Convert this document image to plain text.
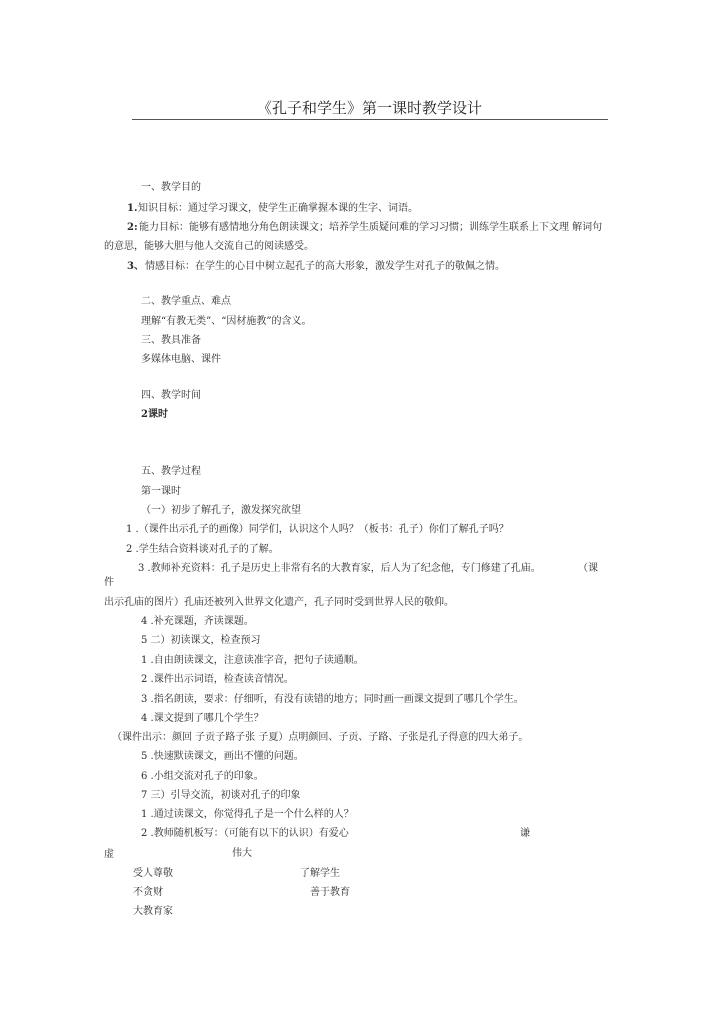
《孔子和学生》第一课时教学设计
一、教学目的
1. 知识目标：通过学习课文，使学生正确掌握本课的生字、词语。
2: 能力目标：能够有感情地分角色朗读课文；培养学生质疑问难的学习习惯；训练学生联系上下文理 解词句
的意思，能够大胆与他人交流自己的阅读感受。
3、 情感目标：在学生的心目中树立起孔子的高大形象，激发学生对孔子的敬佩之情。
二、教学重点、难点
理解“有教无类”、“因材施教”的含义。
三、教具准备
多媒体电脑、课件
四、教学时间
2课时
五、教学过程
第一课时
（一）初步了解孔子，激发探究欲望
1 .（课件出示孔子的画像）同学们，认识这个人吗？（板书：孔子）你们了解孔子吗？
2 .学生结合资料谈对孔子的了解。
3 .教师补充资料：孔子是历史上非常有名的大教育家，后人为了纪念他，专门修建了孔庙。	（课
件
出示孔庙的图片）孔庙还被列入世界文化遗产，孔子同时受到世界人民的敬仰。
4 .补充课题，齐读课题。
5 二）初读课文，检查预习
1 .自由朗读课文，注意读准字音，把句子读通顺。
2 .课件出示词语，检查读音情况。
3 .指名朗读，要求：仔细听，有没有读错的地方；同时画一画课文提到了哪几个学生。
4 .课文提到了哪几个学生？
（课件出示：颜回 子贡子路子张 子夏）点明颜回、子贡、子路、子张是孔子得意的四大弟子。
5 .快速默读课文，画出不懂的问题。
6 .小组交流对孔子的印象。
7 三）引导交流，初谈对孔子的印象
1 .通过读课文，你觉得孔子是一个什么样的人？
2 .教师随机板写：（可能有以下的认识）有爱心	谦
虚	伟大
受人尊敬	了解学生
不贪财	善于教育
大教育家
